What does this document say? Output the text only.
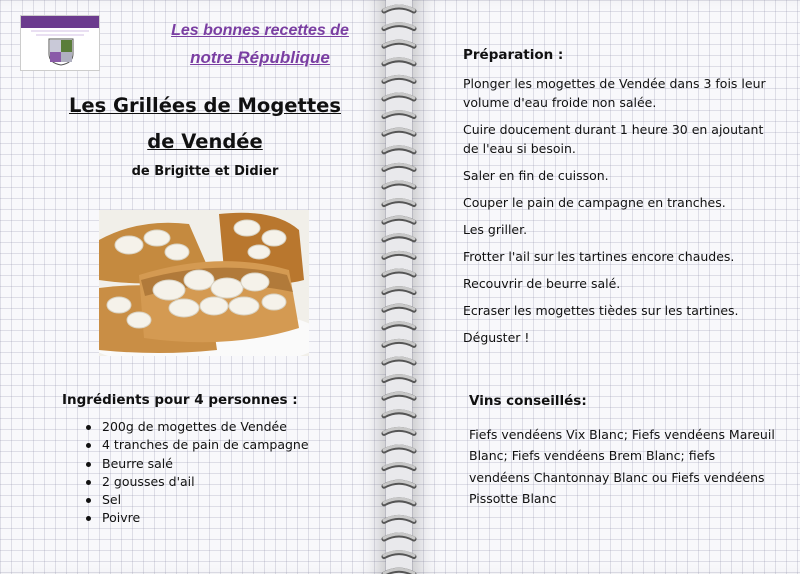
Les bonnes recettes de
notre République
Les Grillées de Mogettes
de Vendée
de Brigitte et Didier
Ingrédients pour 4 personnes :
200g de mogettes de Vendée
4 tranches de pain de campagne
Beurre salé
2 gousses d'ail
Sel
Poivre
Préparation :
Plonger les mogettes de Vendée dans 3 fois leur
volume d'eau froide non salée.
Cuire doucement durant 1 heure 30 en ajoutant
de l'eau si besoin.
Saler en fin de cuisson.
Couper le pain de campagne en tranches.
Les griller.
Frotter l'ail sur les tartines encore chaudes.
Recouvrir de beurre salé.
Ecraser les mogettes tièdes sur les tartines.
Déguster !
Vins conseillés:
Fiefs vendéens Vix Blanc; Fiefs vendéens Mareuil
Blanc; Fiefs vendéens Brem Blanc; fiefs
vendéens Chantonnay Blanc ou Fiefs vendéens
Pissotte Blanc
